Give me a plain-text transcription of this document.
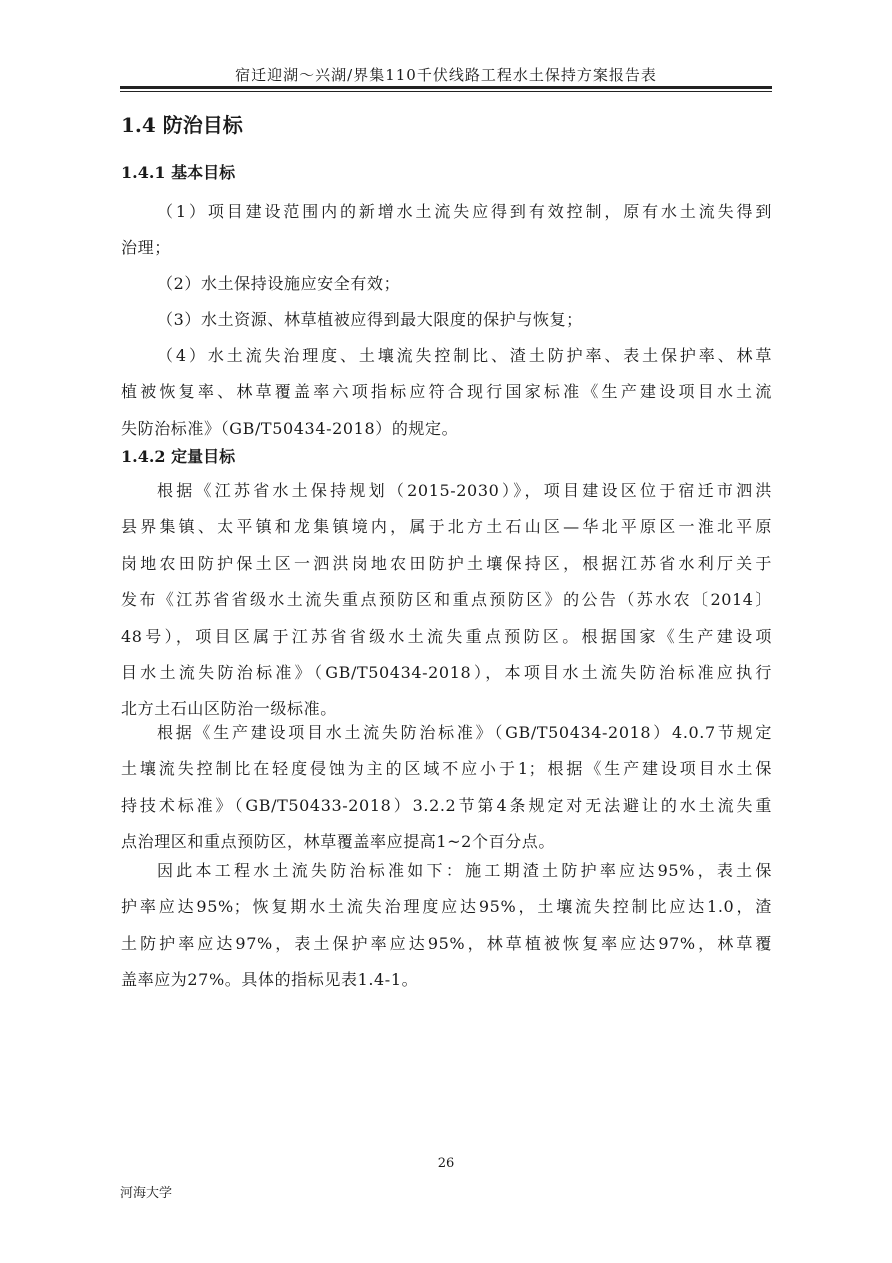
宿迁迎湖～兴湖/界集110千伏线路工程水土保持方案报告表
1.4 防治目标
1.4.1 基本目标
（1）项目建设范围内的新增水土流失应得到有效控制，原有水土流失得到
治理；
（2）水土保持设施应安全有效；
（3）水土资源、林草植被应得到最大限度的保护与恢复；
（4）水土流失治理度、土壤流失控制比、渣土防护率、表土保护率、林草
植被恢复率、林草覆盖率六项指标应符合现行国家标准《生产建设项目水土流
失防治标准》（GB/T50434-2018）的规定。
1.4.2 定量目标
根据《江苏省水土保持规划（2015-2030）》，项目建设区位于宿迁市泗洪
县界集镇、太平镇和龙集镇境内，属于北方土石山区—华北平原区一淮北平原
岗地农田防护保土区一泗洪岗地农田防护土壤保持区，根据江苏省水利厅关于
发布《江苏省省级水土流失重点预防区和重点预防区》的公告（苏水农〔2014〕
48号），项目区属于江苏省省级水土流失重点预防区。根据国家《生产建设项
目水土流失防治标准》（GB/T50434-2018），本项目水土流失防治标准应执行
北方土石山区防治一级标准。
根据《生产建设项目水土流失防治标准》（GB/T50434-2018）4.0.7节规定
土壤流失控制比在轻度侵蚀为主的区域不应小于1；根据《生产建设项目水土保
持技术标准》（GB/T50433-2018）3.2.2节第4条规定对无法避让的水土流失重
点治理区和重点预防区，林草覆盖率应提高1~2个百分点。
因此本工程水土流失防治标准如下：施工期渣土防护率应达95%，表土保
护率应达95%；恢复期水土流失治理度应达95%，土壤流失控制比应达1.0，渣
土防护率应达97%，表土保护率应达95%，林草植被恢复率应达97%，林草覆
盖率应为27%。具体的指标见表1.4-1。
26
河海大学
